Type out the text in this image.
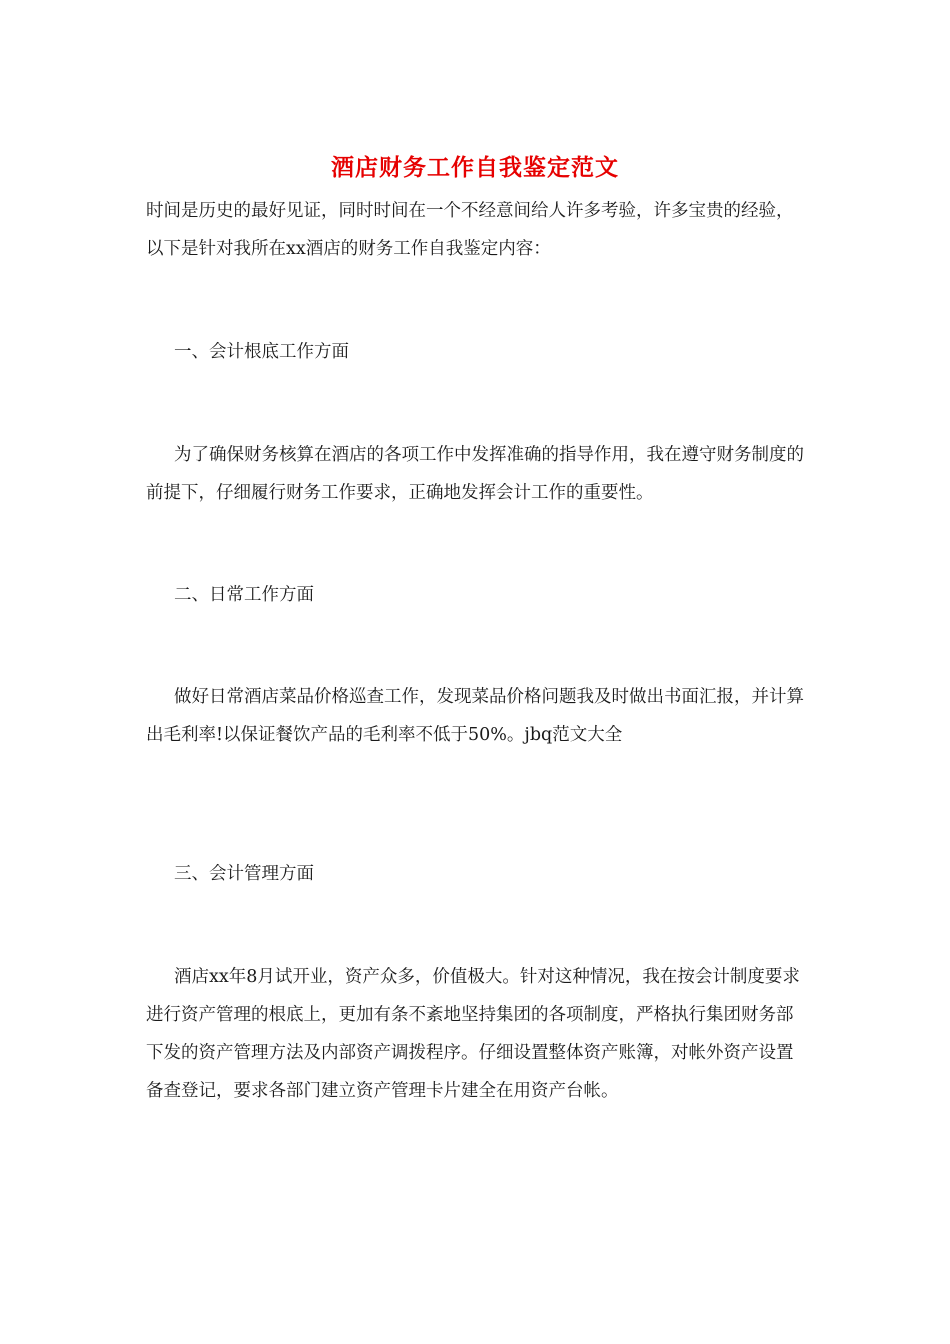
酒店财务工作自我鉴定范文

时间是历史的最好见证，同时时间在一个不经意间给人许多考验，许多宝贵的经验，以下是针对我所在xx酒店的财务工作自我鉴定内容：

一、会计根底工作方面

为了确保财务核算在酒店的各项工作中发挥准确的指导作用，我在遵守财务制度的前提下，仔细履行财务工作要求，正确地发挥会计工作的重要性。

二、日常工作方面

做好日常酒店菜品价格巡查工作，发现菜品价格问题我及时做出书面汇报，并计算出毛利率!以保证餐饮产品的毛利率不低于50%。jbq范文大全

三、会计管理方面

酒店xx年8月试开业，资产众多，价值极大。针对这种情况，我在按会计制度要求进行资产管理的根底上，更加有条不紊地坚持集团的各项制度，严格执行集团财务部下发的资产管理方法及内部资产调拨程序。仔细设置整体资产账簿，对帐外资产设置备查登记，要求各部门建立资产管理卡片建全在用资产台帐。
